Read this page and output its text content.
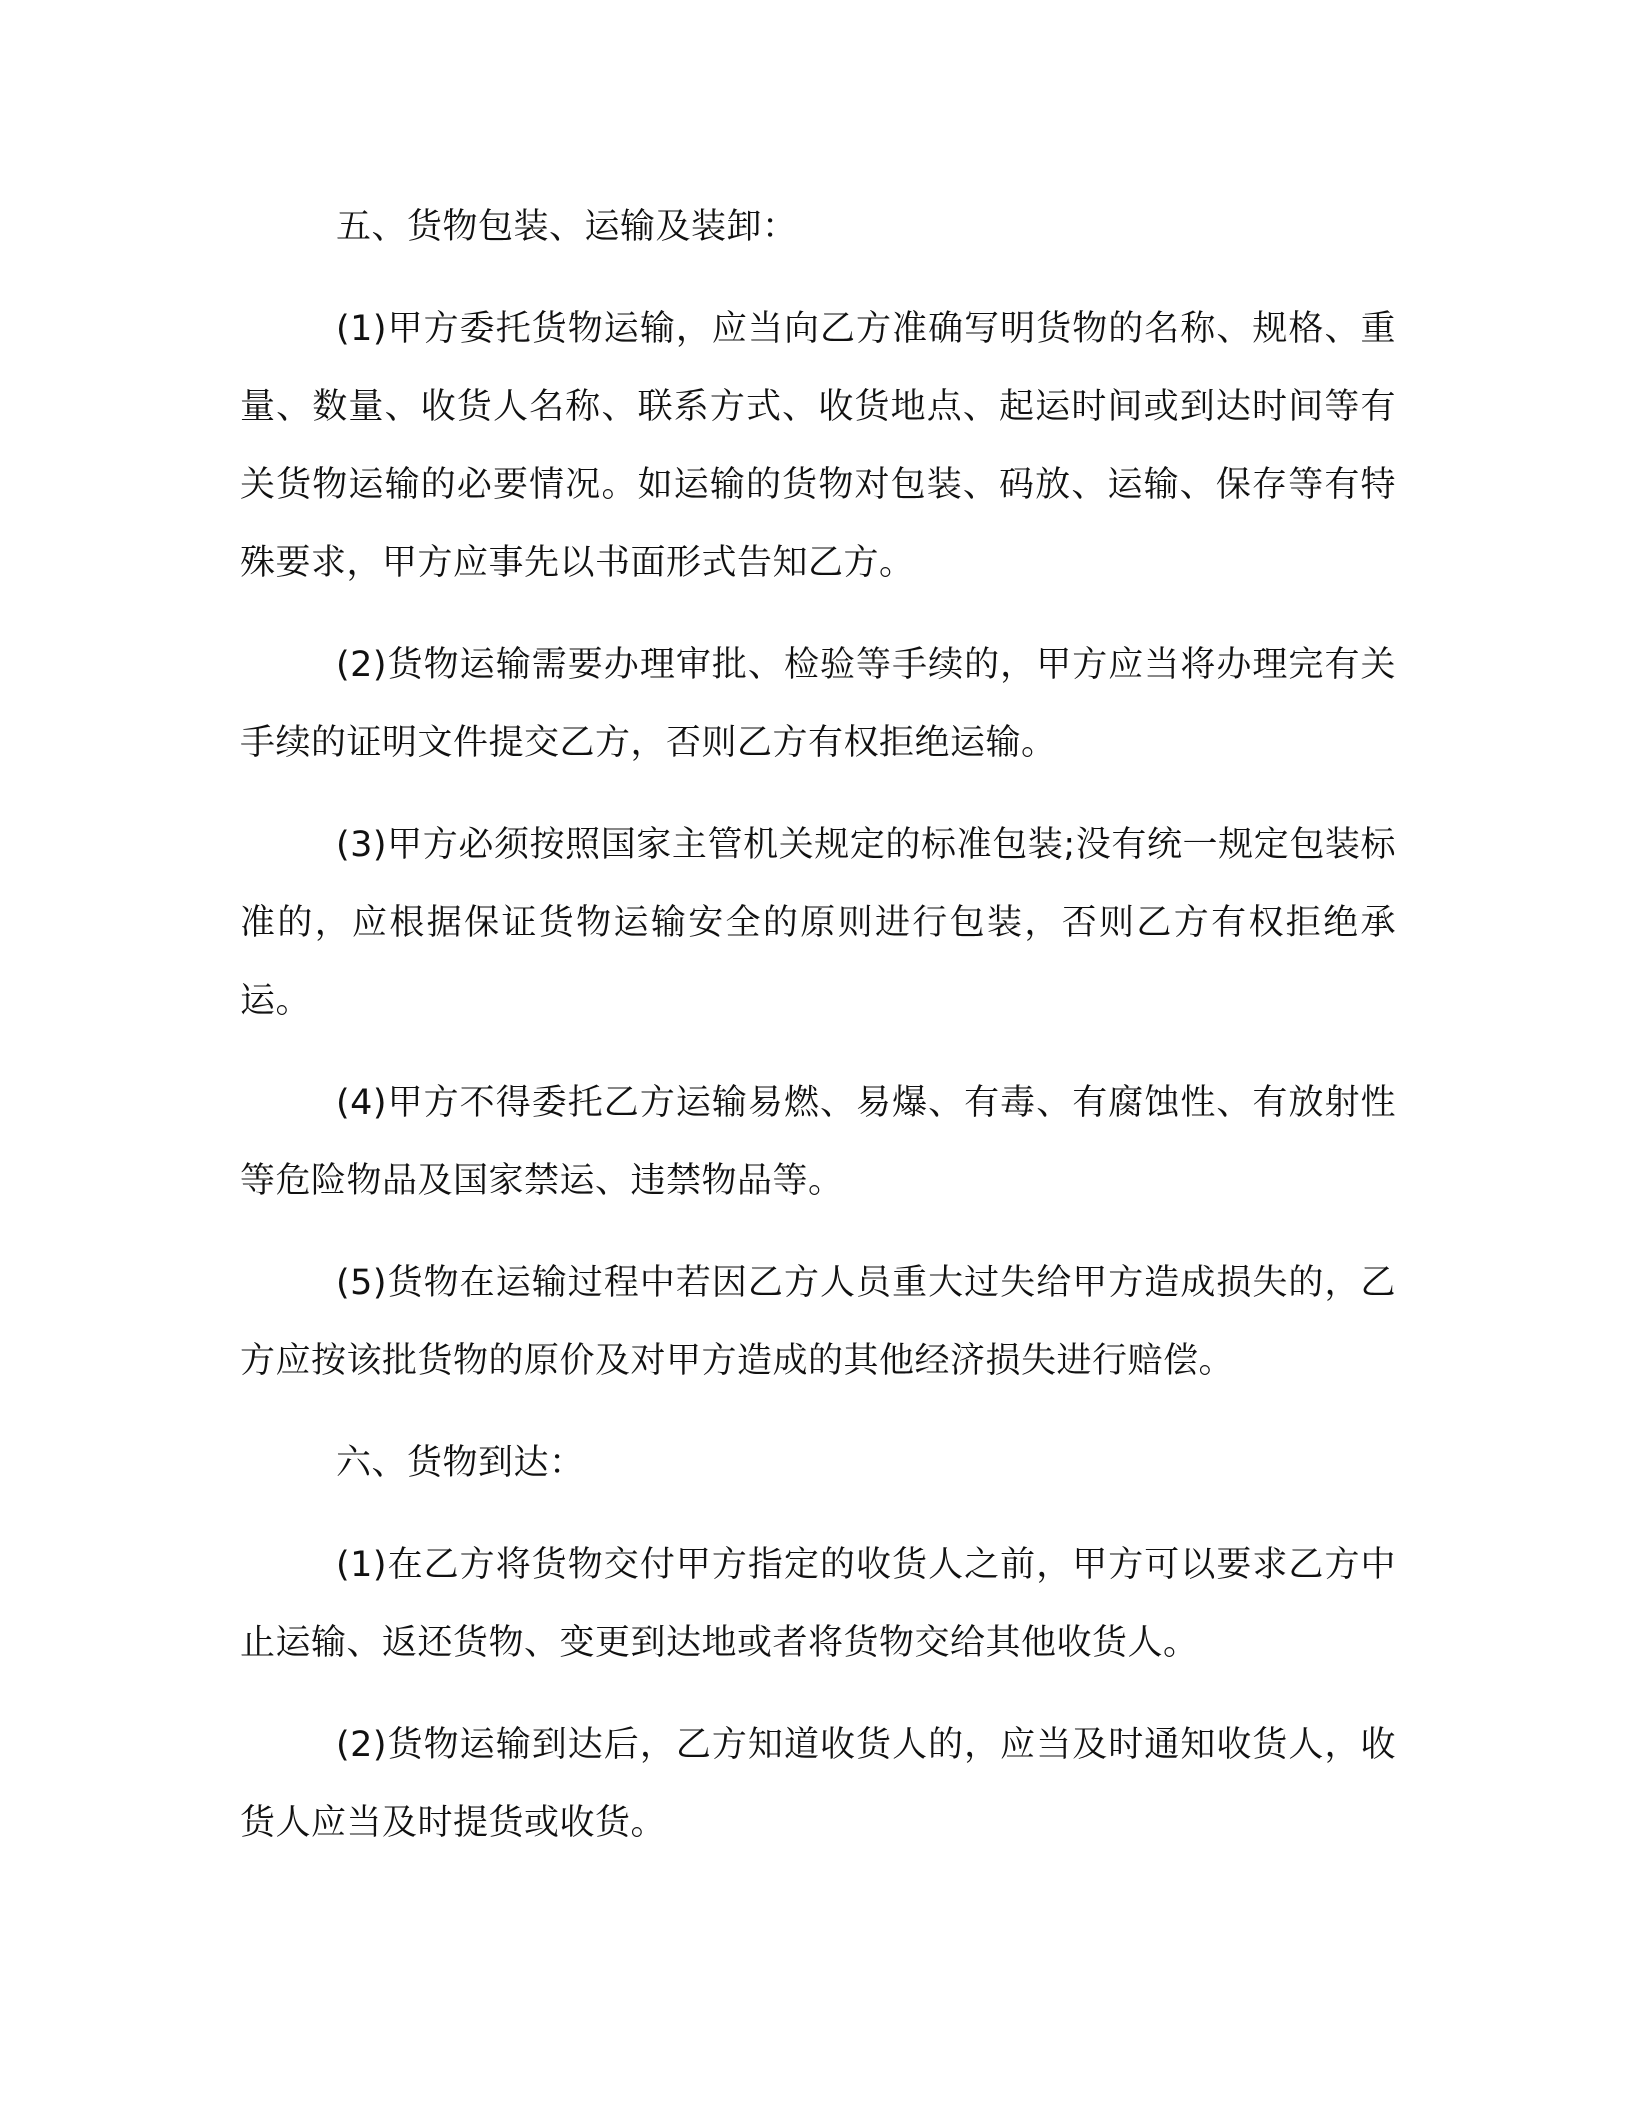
五、货物包装、运输及装卸：

(1)甲方委托货物运输，应当向乙方准确写明货物的名称、规格、重量、数量、收货人名称、联系方式、收货地点、起运时间或到达时间等有关货物运输的必要情况。如运输的货物对包装、码放、运输、保存等有特殊要求，甲方应事先以书面形式告知乙方。

(2)货物运输需要办理审批、检验等手续的，甲方应当将办理完有关手续的证明文件提交乙方，否则乙方有权拒绝运输。

(3)甲方必须按照国家主管机关规定的标准包装;没有统一规定包装标准的，应根据保证货物运输安全的原则进行包装，否则乙方有权拒绝承运。

(4)甲方不得委托乙方运输易燃、易爆、有毒、有腐蚀性、有放射性等危险物品及国家禁运、违禁物品等。

(5)货物在运输过程中若因乙方人员重大过失给甲方造成损失的，乙方应按该批货物的原价及对甲方造成的其他经济损失进行赔偿。

六、货物到达：

(1)在乙方将货物交付甲方指定的收货人之前，甲方可以要求乙方中止运输、返还货物、变更到达地或者将货物交给其他收货人。

(2)货物运输到达后，乙方知道收货人的，应当及时通知收货人，收货人应当及时提货或收货。
